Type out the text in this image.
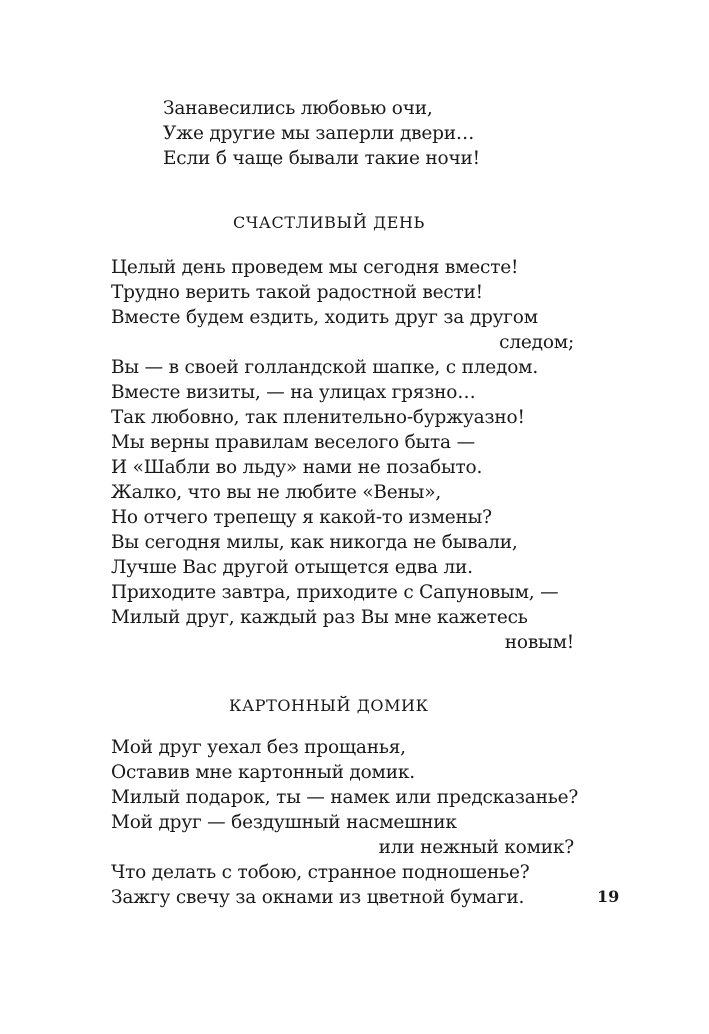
Занавесились любовью очи,
Уже другие мы заперли двери…
Если б чаще бывали такие ночи!
СЧАСТЛИВЫЙ ДЕНЬ
Целый день проведем мы сегодня вместе!
Трудно верить такой радостной вести!
Вместе будем ездить, ходить друг за другом
следом;
Вы — в своей голландской шапке, с пледом.
Вместе визиты, — на улицах грязно…
Так любовно, так пленительно-буржуазно!
Мы верны правилам веселого быта —
И «Шабли во льду» нами не позабыто.
Жалко, что вы не любите «Вены»,
Но отчего трепещу я какой-то измены?
Вы сегодня милы, как никогда не бывали,
Лучше Вас другой отыщется едва ли.
Приходите завтра, приходите с Сапуновым, —
Милый друг, каждый раз Вы мне кажетесь
новым!
КАРТОННЫЙ ДОМИК
Мой друг уехал без прощанья,
Оставив мне картонный домик.
Милый подарок, ты — намек или предсказанье?
Мой друг — бездушный насмешник
или нежный комик?
Что делать с тобою, странное подношенье?
Зажгу свечу за окнами из цветной бумаги.	19
